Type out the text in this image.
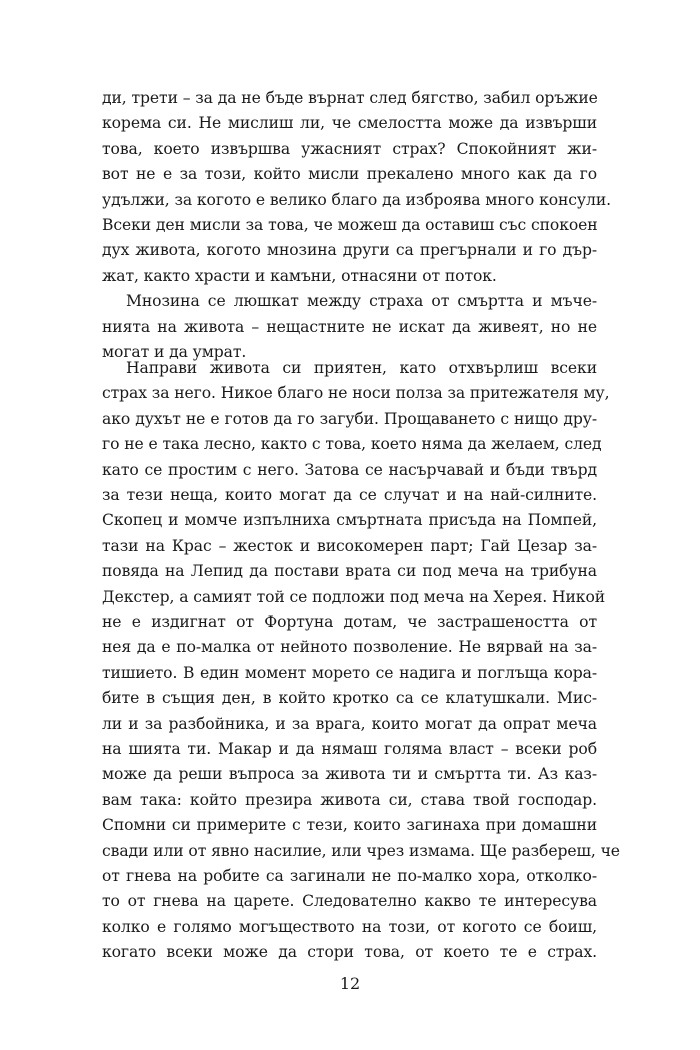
ди, трети – за да не бъде върнат след бягство, забил оръжие
корема си. Не мислиш ли, че смелостта може да извърши
това, което извършва ужасният страх? Спокойният жи-
вот не е за този, който мисли прекалено много как да го
удължи, за когото е велико благо да изброява много консули.
Всеки ден мисли за това, че можеш да оставиш със спокоен
дух живота, когото мнозина други са прегърнали и го дър-
жат, както храсти и камъни, отнасяни от поток.
Мнозина се люшкат между страха от смъртта и мъче-
нията на живота – нещастните не искат да живеят, но не
могат и да умрат.
Направи живота си приятен, като отхвърлиш всеки
страх за него. Никое благо не носи полза за притежателя му,
ако духът не е готов да го загуби. Прощаването с нищо дру-
го не е така лесно, както с това, което няма да желаем, след
като се простим с него. Затова се насърчавай и бъди твърд
за тези неща, които могат да се случат и на най-силните.
Скопец и момче изпълниха смъртната присъда на Помпей,
тази на Крас – жесток и високомерен парт; Гай Цезар за-
повяда на Лепид да постави врата си под меча на трибуна
Декстер, а самият той се подложи под меча на Херея. Никой
не е издигнат от Фортуна дотам, че застрашеността от
нея да е по-малка от нейното позволение. Не вярвай на за-
тишието. В един момент морето се надига и поглъща кора-
бите в същия ден, в който кротко са се клатушкали. Мис-
ли и за разбойника, и за врага, които могат да опрат меча
на шията ти. Макар и да нямаш голяма власт – всеки роб
може да реши въпроса за живота ти и смъртта ти. Аз каз-
вам така: който презира живота си, става твой господар.
Спомни си примерите с тези, които загинаха при домашни
свади или от явно насилие, или чрез измама. Ще разбереш, че
от гнева на робите са загинали не по-малко хора, отколко-
то от гнева на царете. Следователно какво те интересува
колко е голямо могъществото на този, от когото се боиш,
когато всеки може да стори това, от което те е страх.
12
